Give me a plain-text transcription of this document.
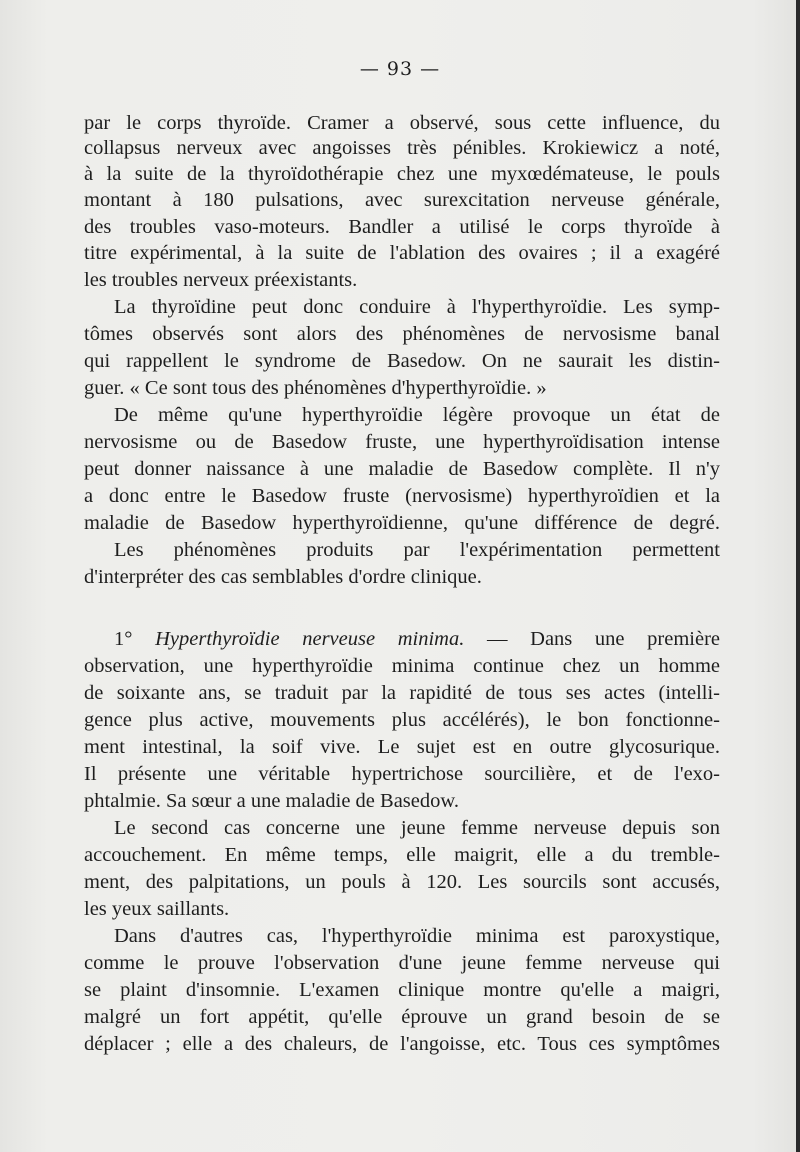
— 93 —
par le corps thyroïde. Cramer a observé, sous cette influence, du
collapsus nerveux avec angoisses très pénibles. Krokiewicz a noté,
à la suite de la thyroïdothérapie chez une myxœdémateuse, le pouls
montant à 180 pulsations, avec surexcitation nerveuse générale,
des troubles vaso-moteurs. Bandler a utilisé le corps thyroïde à
titre expérimental, à la suite de l'ablation des ovaires ; il a exagéré
les troubles nerveux préexistants.
La thyroïdine peut donc conduire à l'hyperthyroïdie. Les symp-
tômes observés sont alors des phénomènes de nervosisme banal
qui rappellent le syndrome de Basedow. On ne saurait les distin-
guer. « Ce sont tous des phénomènes d'hyperthyroïdie. »
De même qu'une hyperthyroïdie légère provoque un état de
nervosisme ou de Basedow fruste, une hyperthyroïdisation intense
peut donner naissance à une maladie de Basedow complète. Il n'y
a donc entre le Basedow fruste (nervosisme) hyperthyroïdien et la
maladie de Basedow hyperthyroïdienne, qu'une différence de degré.
Les phénomènes produits par l'expérimentation permettent
d'interpréter des cas semblables d'ordre clinique.
1° Hyperthyroïdie nerveuse minima. — Dans une première
observation, une hyperthyroïdie minima continue chez un homme
de soixante ans, se traduit par la rapidité de tous ses actes (intelli-
gence plus active, mouvements plus accélérés), le bon fonctionne-
ment intestinal, la soif vive. Le sujet est en outre glycosurique.
Il présente une véritable hypertrichose sourcilière, et de l'exo-
phtalmie. Sa sœur a une maladie de Basedow.
Le second cas concerne une jeune femme nerveuse depuis son
accouchement. En même temps, elle maigrit, elle a du tremble-
ment, des palpitations, un pouls à 120. Les sourcils sont accusés,
les yeux saillants.
Dans d'autres cas, l'hyperthyroïdie minima est paroxystique,
comme le prouve l'observation d'une jeune femme nerveuse qui
se plaint d'insomnie. L'examen clinique montre qu'elle a maigri,
malgré un fort appétit, qu'elle éprouve un grand besoin de se
déplacer ; elle a des chaleurs, de l'angoisse, etc. Tous ces symptômes
